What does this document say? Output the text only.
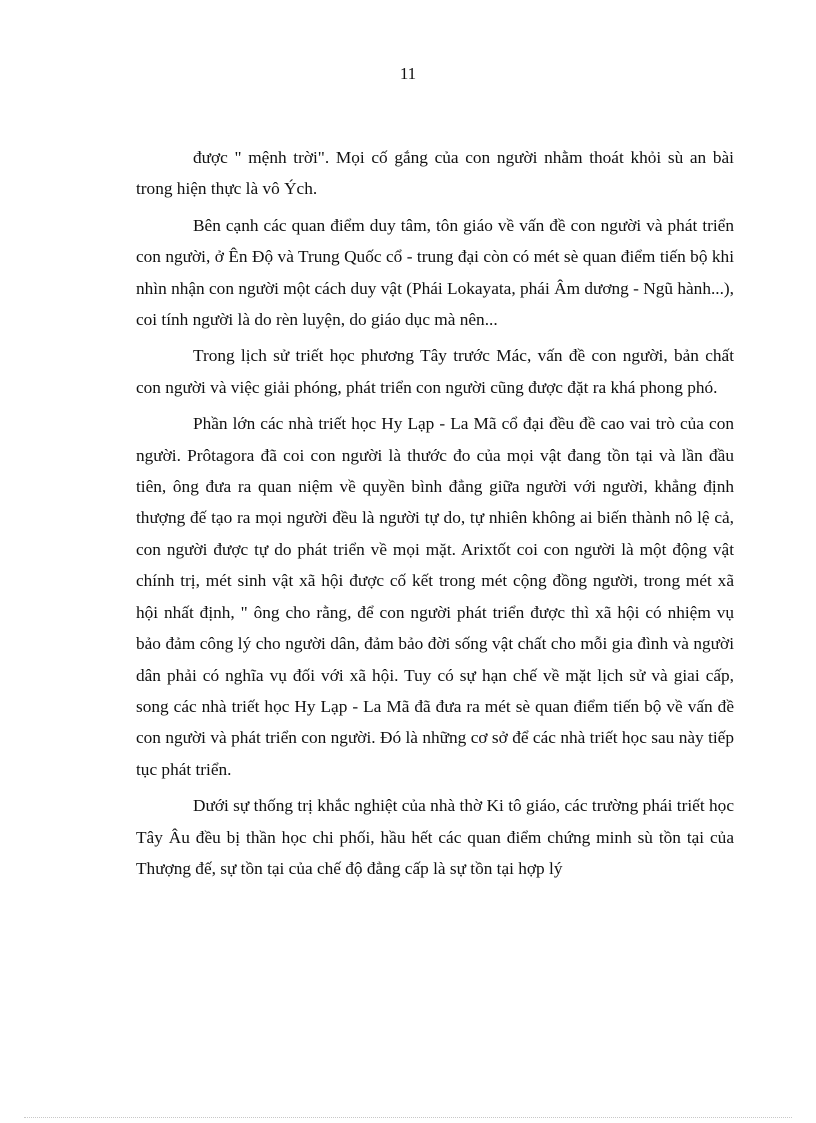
11

được " mệnh trời". Mọi cố gắng của con người nhằm thoát khỏi sù an bài trong hiện thực là vô Ých.

Bên cạnh các quan điểm duy tâm, tôn giáo về vấn đề con người và phát triển con người, ở Ên Độ và Trung Quốc cổ - trung đại còn có mét sè quan điểm tiến bộ khi nhìn nhận con người một cách duy vật (Phái Lokayata, phái Âm dương - Ngũ hành...), coi tính người là do rèn luyện, do giáo dục mà nên...

Trong lịch sử triết học phương Tây trước Mác, vấn đề con người, bản chất con người và việc giải phóng, phát triển con người cũng được đặt ra khá phong phó.

Phần lớn các nhà triết học Hy Lạp - La Mã cổ đại đều đề cao vai trò của con người. Prôtagora đã coi con người là thước đo của mọi vật đang tồn tại và lần đầu tiên, ông đưa ra quan niệm về quyền bình đẳng giữa người với người, khẳng định thượng đế tạo ra mọi người đều là người tự do, tự nhiên không ai biến thành nô lệ cả, con người được tự do phát triển về mọi mặt. Arixtốt coi con người là một động vật chính trị, mét sinh vật xã hội được cố kết trong mét cộng đồng người, trong mét xã hội nhất định, " ông cho rằng, để con người phát triển được thì xã hội có nhiệm vụ bảo đảm công lý cho người dân, đảm bảo đời sống vật chất cho mỗi gia đình và người dân phải có nghĩa vụ đối với xã hội. Tuy có sự hạn chế về mặt lịch sử và giai cấp, song các nhà triết học Hy Lạp - La Mã đã đưa ra mét sè quan điểm tiến bộ về vấn đề con người và phát triển con người. Đó là những cơ sở để các nhà triết học sau này tiếp tục phát triển.

Dưới sự thống trị khắc nghiệt của nhà thờ Ki tô giáo, các trường phái triết học Tây Âu đều bị thần học chi phối, hầu hết các quan điểm chứng minh sù tồn tại của Thượng đế, sự tồn tại của chế độ đẳng cấp là sự tồn tại hợp lý
